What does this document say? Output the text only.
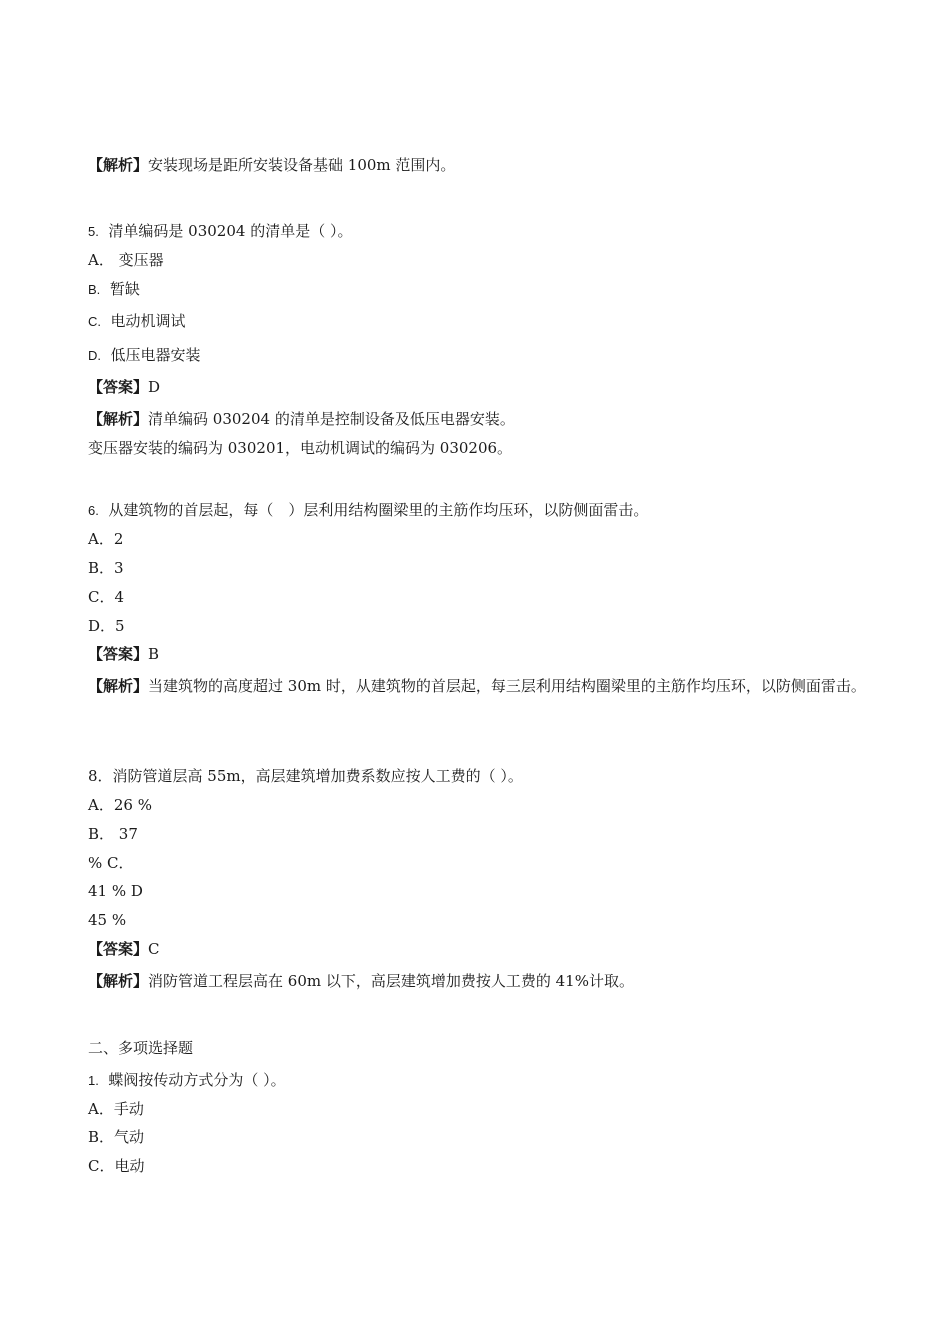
【解析】安装现场是距所安装设备基础 100m 范围内。
5. 清单编码是 030204 的清单是（ ）。
A． 变压器
B. 暂缺
C. 电动机调试
D. 低压电器安装
【答案】D
【解析】清单编码 030204 的清单是控制设备及低压电器安装。
变压器安装的编码为 030201，电动机调试的编码为 030206。
6. 从建筑物的首层起，每（　）层利用结构圈梁里的主筋作均压环，以防侧面雷击。
A．2
B．3
C．4
D．5
【答案】B
【解析】当建筑物的高度超过 30m 时，从建筑物的首层起，每三层利用结构圈梁里的主筋作均压环，以防侧面雷击。
8．消防管道层高 55m，高层建筑增加费系数应按人工费的（ ）。
A．26 %
B． 37
% C．
41 % D
45 %
【答案】C
【解析】消防管道工程层高在 60m 以下，高层建筑增加费按人工费的 41%计取。
二、多项选择题
1. 蝶阀按传动方式分为（ ）。
A．手动
B．气动
C．电动
